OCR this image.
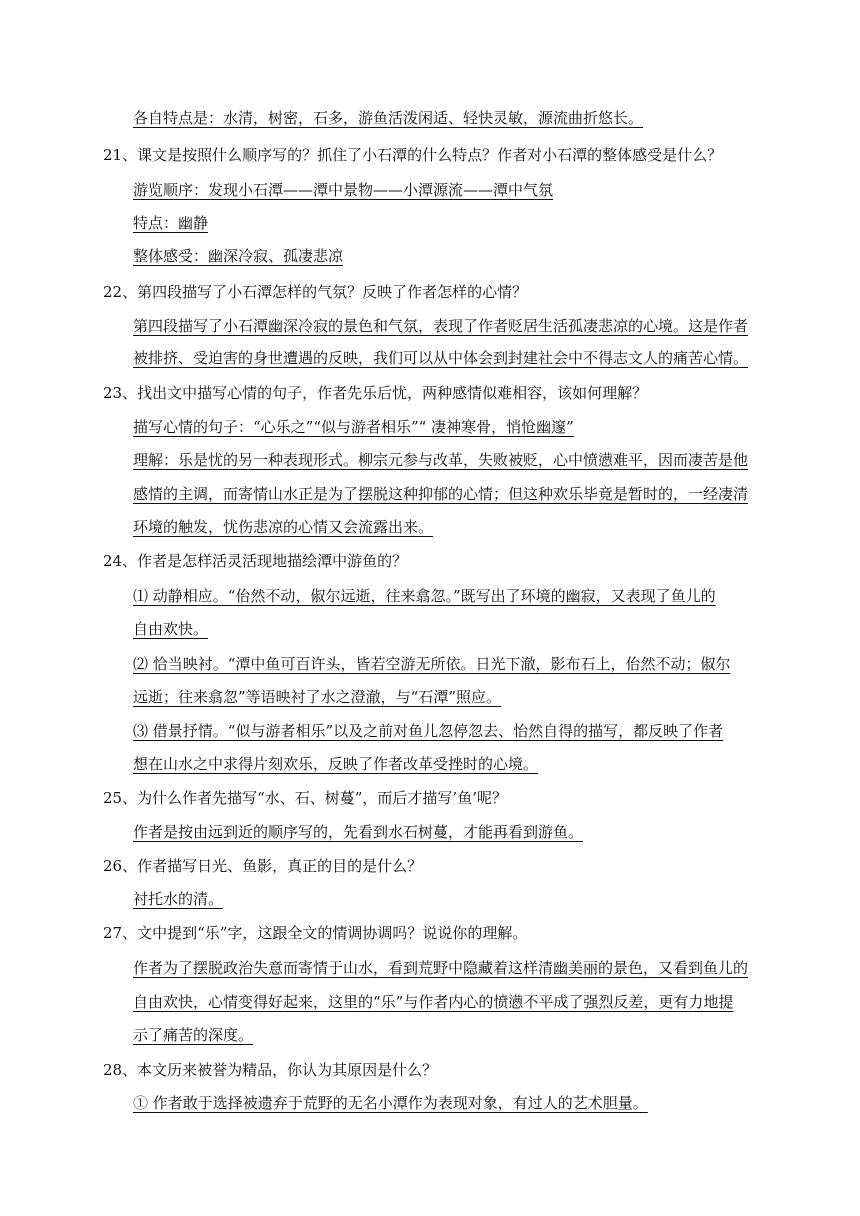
各自特点是：水清，树密，石多，游鱼活泼闲适、轻快灵敏，源流曲折悠长。
21、课文是按照什么顺序写的？抓住了小石潭的什么特点？作者对小石潭的整体感受是什么？
游览顺序：发现小石潭——潭中景物——小潭源流——潭中气氛
特点：幽静
整体感受：幽深冷寂、孤凄悲凉
22、第四段描写了小石潭怎样的气氛？反映了作者怎样的心情？
第四段描写了小石潭幽深冷寂的景色和气氛，表现了作者贬居生活孤凄悲凉的心境。这是作者
被排挤、受迫害的身世遭遇的反映，我们可以从中体会到封建社会中不得志文人的痛苦心情。
23、找出文中描写心情的句子，作者先乐后忧，两种感情似难相容，该如何理解？
描写心情的句子：“心乐之”“似与游者相乐”“ 凄神寒骨，悄怆幽邃”
理解：乐是忧的另一种表现形式。柳宗元参与改革，失败被贬，心中愤懑难平，因而凄苦是他
感情的主调，而寄情山水正是为了摆脱这种抑郁的心情；但这种欢乐毕竟是暂时的，一经凄清
环境的触发，忧伤悲凉的心情又会流露出来。
24、作者是怎样活灵活现地描绘潭中游鱼的？
⑴ 动静相应。“佁然不动，俶尔远逝，往来翕忽。”既写出了环境的幽寂，又表现了鱼儿的
自由欢快。
⑵ 恰当映衬。“潭中鱼可百许头，皆若空游无所依。日光下澈，影布石上，佁然不动；俶尔
远逝；往来翕忽”等语映衬了水之澄澈，与“石潭”照应。
⑶ 借景抒情。“似与游者相乐”以及之前对鱼儿忽停忽去、怡然自得的描写，都反映了作者
想在山水之中求得片刻欢乐，反映了作者改革受挫时的心境。
25、为什么作者先描写“水、石、树蔓”，而后才描写’鱼’呢？
作者是按由远到近的顺序写的，先看到水石树蔓，才能再看到游鱼。
26、作者描写日光、鱼影，真正的目的是什么？
衬托水的清。
27、文中提到“乐”字，这跟全文的情调协调吗？说说你的理解。
作者为了摆脱政治失意而寄情于山水，看到荒野中隐藏着这样清幽美丽的景色，又看到鱼儿的
自由欢快，心情变得好起来，这里的“乐”与作者内心的愤懑不平成了强烈反差，更有力地提
示了痛苦的深度。
28、本文历来被誉为精品，你认为其原因是什么？
① 作者敢于选择被遗弃于荒野的无名小潭作为表现对象，有过人的艺术胆量。
